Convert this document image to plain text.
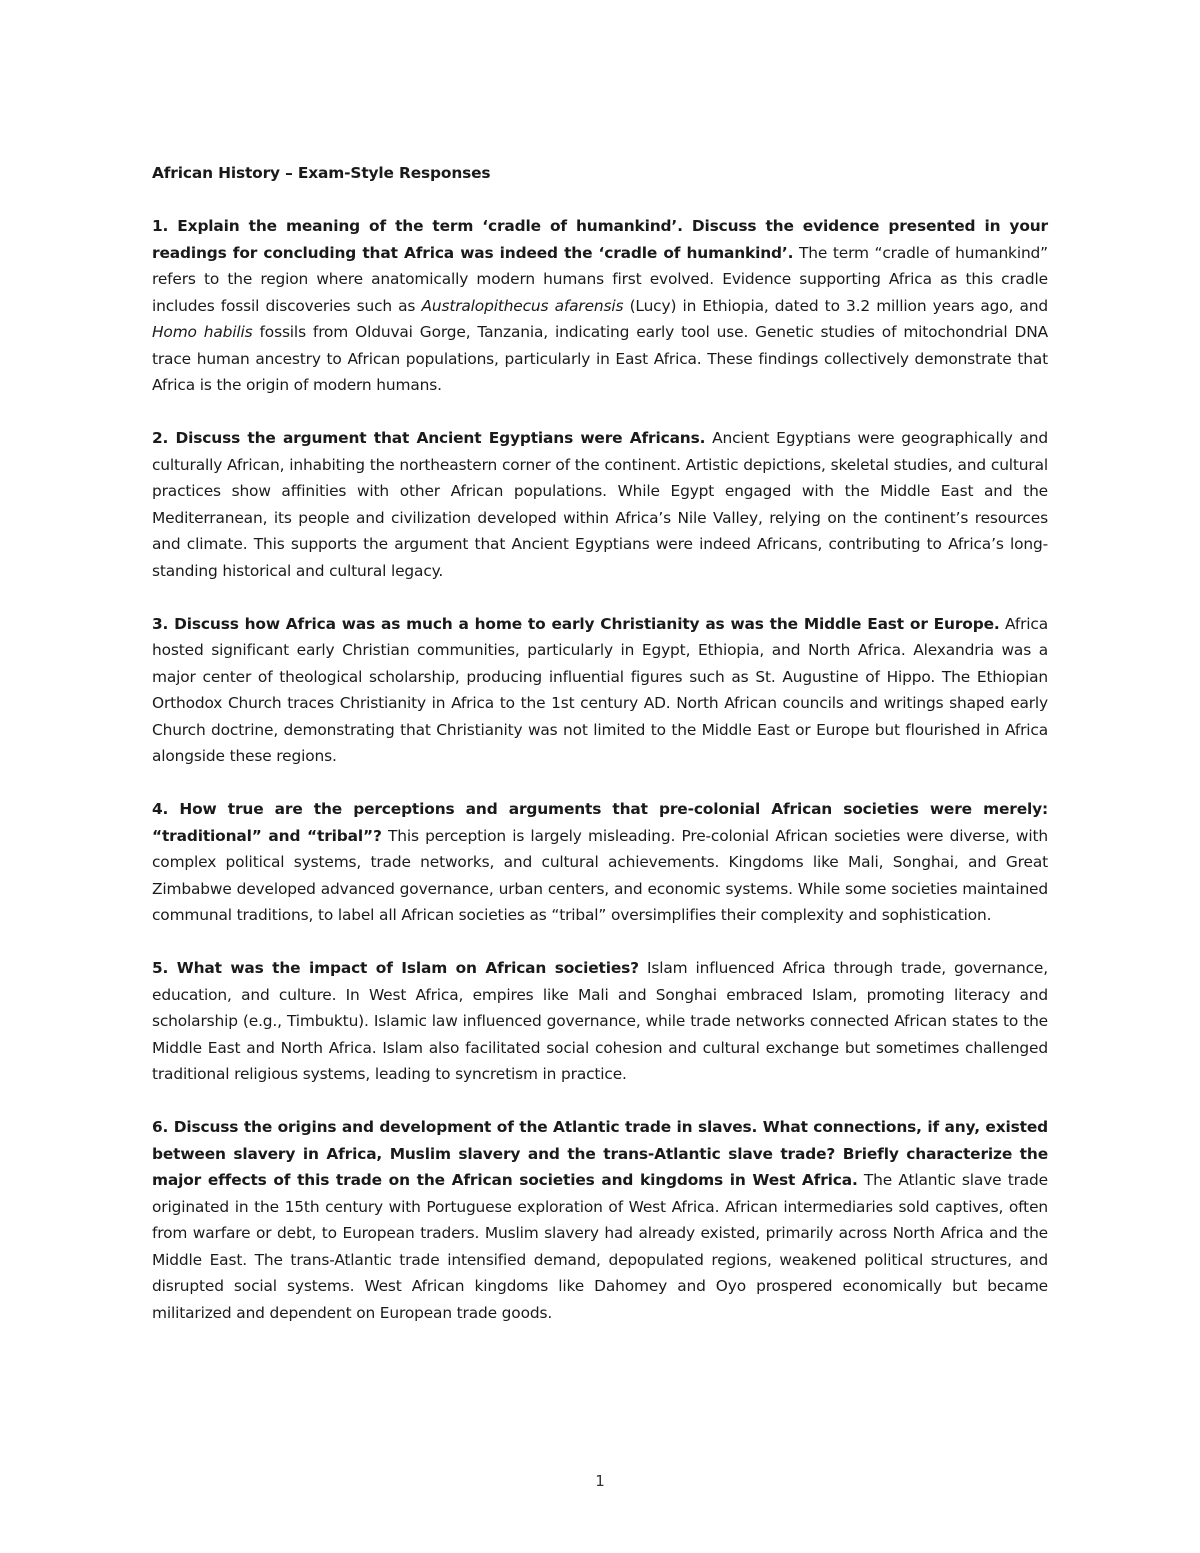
African History – Exam-Style Responses

1. Explain the meaning of the term ‘cradle of humankind’. Discuss the evidence presented in your readings for concluding that Africa was indeed the ‘cradle of humankind’. The term “cradle of humankind” refers to the region where anatomically modern humans first evolved. Evidence supporting Africa as this cradle includes fossil discoveries such as Australopithecus afarensis (Lucy) in Ethiopia, dated to 3.2 million years ago, and Homo habilis fossils from Olduvai Gorge, Tanzania, indicating early tool use. Genetic studies of mitochondrial DNA trace human ancestry to African populations, particularly in East Africa. These findings collectively demonstrate that Africa is the origin of modern humans.

2. Discuss the argument that Ancient Egyptians were Africans. Ancient Egyptians were geographically and culturally African, inhabiting the northeastern corner of the continent. Artistic depictions, skeletal studies, and cultural practices show affinities with other African populations. While Egypt engaged with the Middle East and the Mediterranean, its people and civilization developed within Africa’s Nile Valley, relying on the continent’s resources and climate. This supports the argument that Ancient Egyptians were indeed Africans, contributing to Africa’s long-standing historical and cultural legacy.

3. Discuss how Africa was as much a home to early Christianity as was the Middle East or Europe. Africa hosted significant early Christian communities, particularly in Egypt, Ethiopia, and North Africa. Alexandria was a major center of theological scholarship, producing influential figures such as St. Augustine of Hippo. The Ethiopian Orthodox Church traces Christianity in Africa to the 1st century AD. North African councils and writings shaped early Church doctrine, demonstrating that Christianity was not limited to the Middle East or Europe but flourished in Africa alongside these regions.

4. How true are the perceptions and arguments that pre-colonial African societies were merely: “traditional” and “tribal”? This perception is largely misleading. Pre-colonial African societies were diverse, with complex political systems, trade networks, and cultural achievements. Kingdoms like Mali, Songhai, and Great Zimbabwe developed advanced governance, urban centers, and economic systems. While some societies maintained communal traditions, to label all African societies as “tribal” oversimplifies their complexity and sophistication.

5. What was the impact of Islam on African societies? Islam influenced Africa through trade, governance, education, and culture. In West Africa, empires like Mali and Songhai embraced Islam, promoting literacy and scholarship (e.g., Timbuktu). Islamic law influenced governance, while trade networks connected African states to the Middle East and North Africa. Islam also facilitated social cohesion and cultural exchange but sometimes challenged traditional religious systems, leading to syncretism in practice.

6. Discuss the origins and development of the Atlantic trade in slaves. What connections, if any, existed between slavery in Africa, Muslim slavery and the trans-Atlantic slave trade? Briefly characterize the major effects of this trade on the African societies and kingdoms in West Africa. The Atlantic slave trade originated in the 15th century with Portuguese exploration of West Africa. African intermediaries sold captives, often from warfare or debt, to European traders. Muslim slavery had already existed, primarily across North Africa and the Middle East. The trans-Atlantic trade intensified demand, depopulated regions, weakened political structures, and disrupted social systems. West African kingdoms like Dahomey and Oyo prospered economically but became militarized and dependent on European trade goods.

1
